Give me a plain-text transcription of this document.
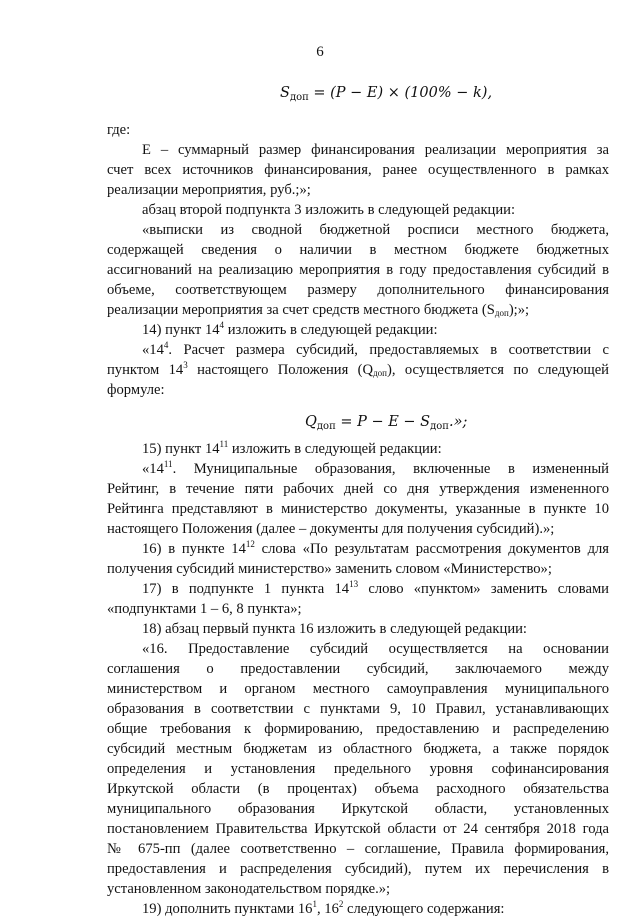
6
$S_{доп} = (P - E) \times (100\% - k)$,
где:
Е – суммарный размер финансирования реализации мероприятия за
счет всех источников финансирования, ранее осуществленного в рамках
реализации мероприятия, руб.;»;
абзац второй подпункта 3 изложить в следующей редакции:
«выписки из сводной бюджетной росписи местного бюджета,
содержащей сведения о наличии в местном бюджете бюджетных
ассигнований на реализацию мероприятия в году предоставления субсидий в
объеме, соответствующем размеру дополнительного финансирования
реализации мероприятия за счет средств местного бюджета $(S_{доп})$;»;
14) пункт $14^4$ изложить в следующей редакции:
«$14^4$. Расчет размера субсидий, предоставляемых в соответствии с
пунктом $14^3$ настоящего Положения $(Q_{доп})$, осуществляется по следующей
формуле:
$Q_{доп} = P - E - S_{доп}$.»;
15) пункт $14^{11}$ изложить в следующей редакции:
«$14^{11}$. Муниципальные образования, включенные в измененный
Рейтинг, в течение пяти рабочих дней со дня утверждения измененного
Рейтинга представляют в министерство документы, указанные в пункте 10
настоящего Положения (далее – документы для получения субсидий).»;
16) в пункте $14^{12}$ слова «По результатам рассмотрения документов для
получения субсидий министерство» заменить словом «Министерство»;
17) в подпункте 1 пункта $14^{13}$ слово «пунктом» заменить словами
«подпунктами 1 – 6, 8 пункта»;
18) абзац первый пункта 16 изложить в следующей редакции:
«16. Предоставление субсидий осуществляется на основании
соглашения о предоставлении субсидий, заключаемого между
министерством и органом местного самоуправления муниципального
образования в соответствии с пунктами 9, 10 Правил, устанавливающих
общие требования к формированию, предоставлению и распределению
субсидий местным бюджетам из областного бюджета, а также порядок
определения и установления предельного уровня софинансирования
Иркутской области (в процентах) объема расходного обязательства
муниципального образования Иркутской области, установленных
постановлением Правительства Иркутской области от 24 сентября 2018 года
№ 675-пп (далее соответственно – соглашение, Правила формирования,
предоставления и распределения субсидий), путем их перечисления в
установленном законодательством порядке.»;
19) дополнить пунктами $16^1$, $16^2$ следующего содержания:
